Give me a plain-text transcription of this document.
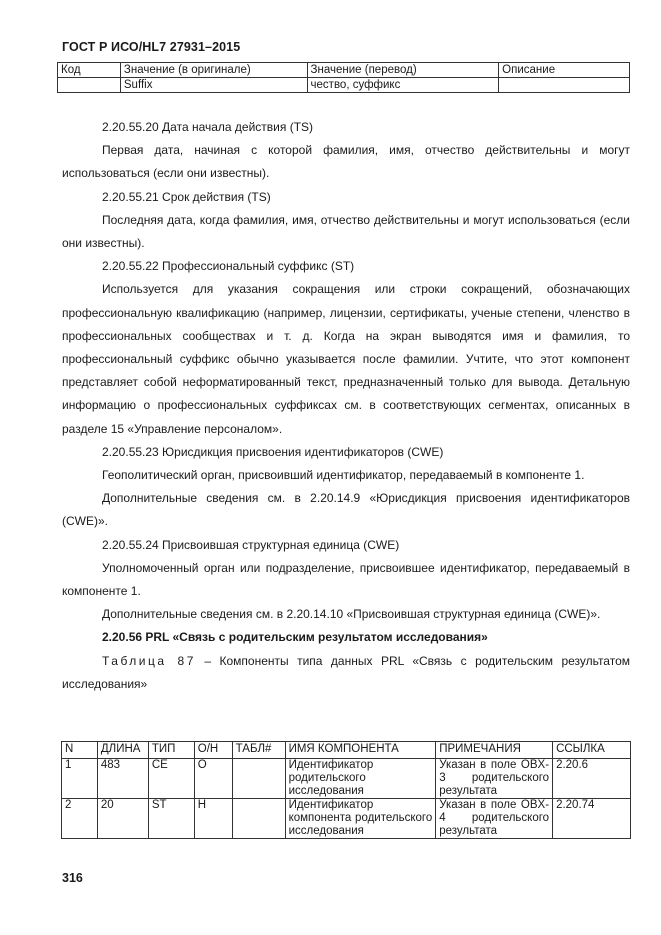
ГОСТ Р ИСО/HL7 27931–2015
Код	Значение (в оригинале)	Значение (перевод)	Описание
	Suffix	чество, суффикс	

2.20.55.20 Дата начала действия (TS)

Первая дата, начиная с которой фамилия, имя, отчество действительны и могут использоваться (если они известны).

2.20.55.21 Срок действия (TS)

Последняя дата, когда фамилия, имя, отчество действительны и могут использоваться (если они известны).

2.20.55.22 Профессиональный суффикс (ST)

Используется для указания сокращения или строки сокращений, обозначающих профессиональную квалификацию (например, лицензии, сертификаты, ученые степени, членство в профессиональных сообществах и т. д. Когда на экран выводятся имя и фамилия, то профессиональный суффикс обычно указывается после фамилии. Учтите, что этот компонент представляет собой неформатированный текст, предназначенный только для вывода. Детальную информацию о профессиональных суффиксах см. в соответствующих сегментах, описанных в разделе 15 «Управление персоналом».

2.20.55.23 Юрисдикция присвоения идентификаторов (CWE)

Геополитический орган, присвоивший идентификатор, передаваемый в компоненте 1.

Дополнительные сведения см. в 2.20.14.9 «Юрисдикция присвоения идентификаторов (CWE)».

2.20.55.24 Присвоившая структурная единица (CWE)

Уполномоченный орган или подразделение, присвоившее идентификатор, передаваемый в компоненте 1.

Дополнительные сведения см. в 2.20.14.10 «Присвоившая структурная единица (CWE)».

2.20.56 PRL «Связь с родительским результатом исследования»

Таблица 87 – Компоненты типа данных PRL «Связь с родительским результатом исследования»

N	ДЛИНА	ТИП	О/Н	ТАБЛ#	ИМЯ КОМПОНЕНТА	ПРИМЕЧАНИЯ	ССЫЛКА
1	483	CE	О		Идентификатор родительского исследования	Указан в поле OBX-3 родительского результата	2.20.6
2	20	ST	Н		Идентификатор компонента родительского исследования	Указан в поле OBX-4 родительского результата	2.20.74
316
